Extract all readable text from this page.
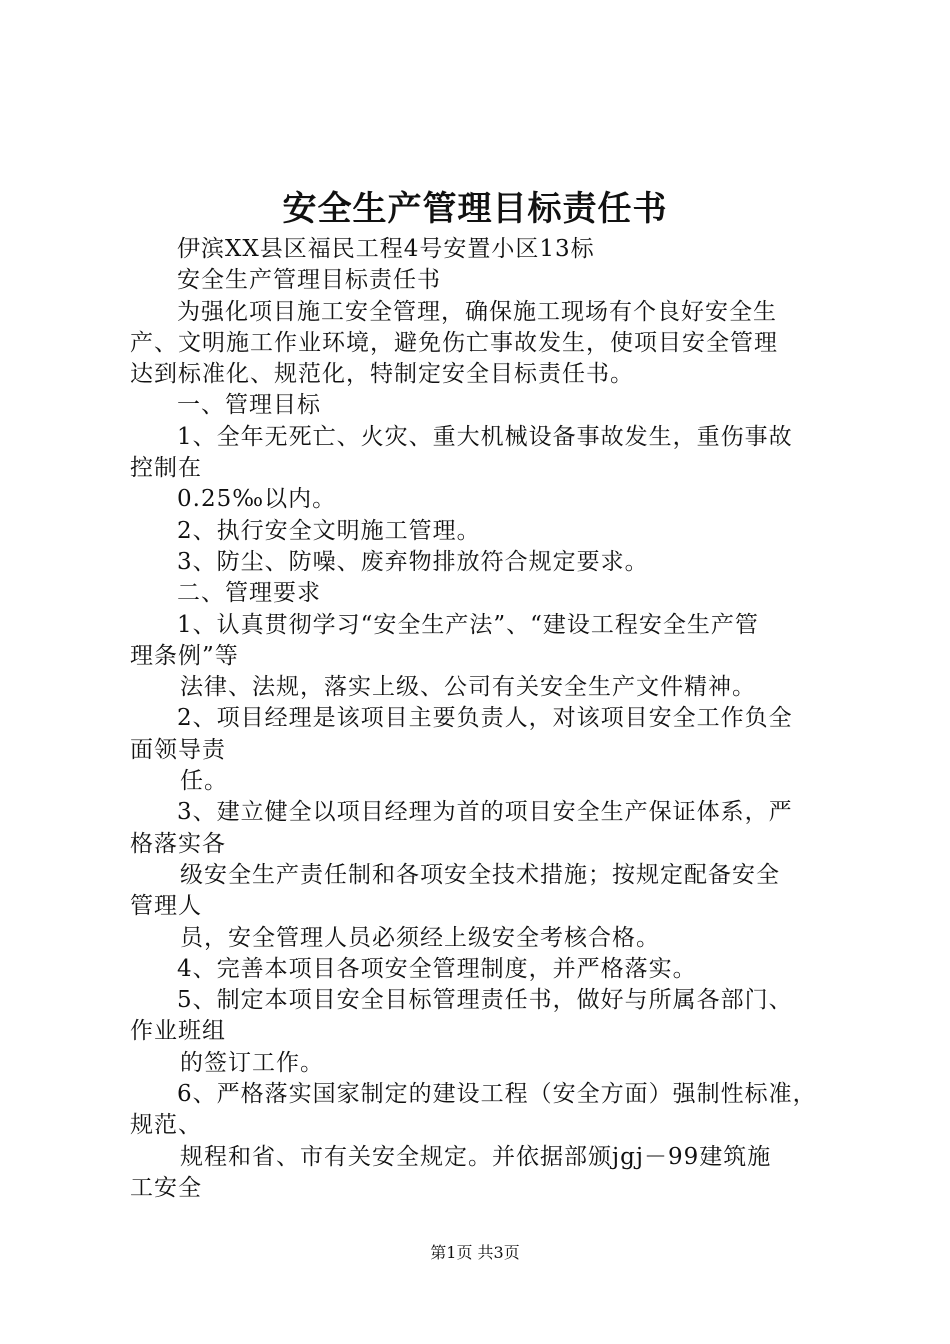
安全生产管理目标责任书

伊滨XX县区福民工程4号安置小区13标

安全生产管理目标责任书

为强化项目施工安全管理，确保施工现场有个良好安全生

产、文明施工作业环境，避免伤亡事故发生，使项目安全管理

达到标准化、规范化，特制定安全目标责任书。

一、管理目标

1、全年无死亡、火灾、重大机械设备事故发生，重伤事故

控制在

0.25‰以内。

2、执行安全文明施工管理。

3、防尘、防噪、废弃物排放符合规定要求。

二、管理要求

1、认真贯彻学习“安全生产法”、“建设工程安全生产管

理条例”等

法律、法规，落实上级、公司有关安全生产文件精神。

2、项目经理是该项目主要负责人，对该项目安全工作负全

面领导责

任。

3、建立健全以项目经理为首的项目安全生产保证体系，严

格落实各

级安全生产责任制和各项安全技术措施；按规定配备安全

管理人

员，安全管理人员必须经上级安全考核合格。

4、完善本项目各项安全管理制度，并严格落实。

5、制定本项目安全目标管理责任书，做好与所属各部门、

作业班组

的签订工作。

6、严格落实国家制定的建设工程（安全方面）强制性标准，

规范、

规程和省、市有关安全规定。并依据部颁jgj－99建筑施

工安全

第1页 共3页
